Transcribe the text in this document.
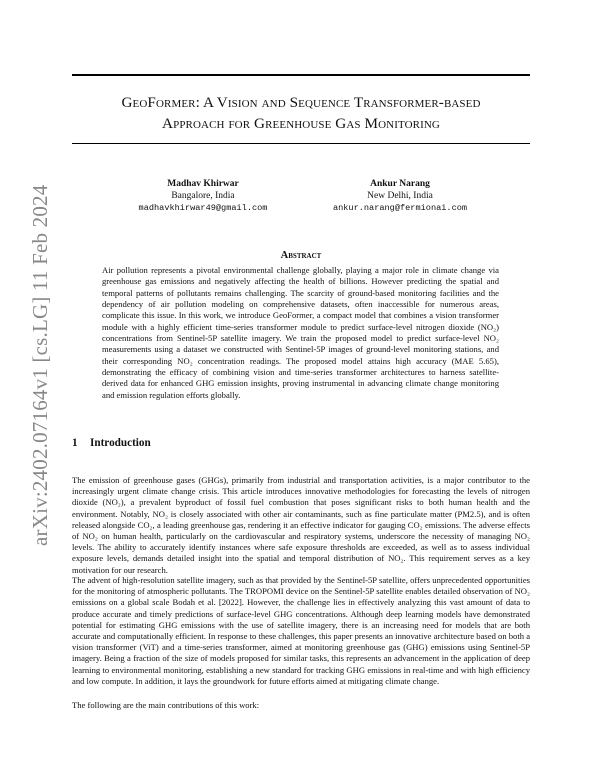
GeoFormer: A Vision and Sequence Transformer-based
Approach for Greenhouse Gas Monitoring
Madhav Khirwar
Bangalore, India
madhavkhirwar49@gmail.com
Ankur Narang
New Delhi, India
ankur.narang@fermionai.com
Abstract
Air pollution represents a pivotal environmental challenge globally, playing a major role in climate change via greenhouse gas emissions and negatively affecting the health of billions. However predicting the spatial and temporal patterns of pollutants remains challenging. The scarcity of ground-based monitoring facilities and the dependency of air pollution modeling on comprehensive datasets, often inaccessible for numerous areas, complicate this issue. In this work, we introduce GeoFormer, a compact model that combines a vision transformer module with a highly efficient time-series transformer module to predict surface-level nitrogen dioxide (NO₂) concentrations from Sentinel-5P satellite imagery. We train the proposed model to predict surface-level NO₂ measurements using a dataset we constructed with Sentinel-5P images of ground-level monitoring stations, and their corresponding NO₂ concentration readings. The proposed model attains high accuracy (MAE 5.65), demonstrating the efficacy of combining vision and time-series transformer architectures to harness satellite-derived data for enhanced GHG emission insights, proving instrumental in advancing climate change monitoring and emission regulation efforts globally.
1 Introduction
The emission of greenhouse gases (GHGs), primarily from industrial and transportation activities, is a major contributor to the increasingly urgent climate change crisis. This article introduces innovative methodologies for forecasting the levels of nitrogen dioxide (NO₂), a prevalent byproduct of fossil fuel combustion that poses significant risks to both human health and the environment. Notably, NO₂ is closely associated with other air contaminants, such as fine particulate matter (PM2.5), and is often released alongside CO₂, a leading greenhouse gas, rendering it an effective indicator for gauging CO₂ emissions. The adverse effects of NO₂ on human health, particularly on the cardiovascular and respiratory systems, underscore the necessity of managing NO₂ levels. The ability to accurately identify instances where safe exposure thresholds are exceeded, as well as to assess individual exposure levels, demands detailed insight into the spatial and temporal distribution of NO₂. This requirement serves as a key motivation for our research.
The advent of high-resolution satellite imagery, such as that provided by the Sentinel-5P satellite, offers unprecedented opportunities for the monitoring of atmospheric pollutants. The TROPOMI device on the Sentinel-5P satellite enables detailed observation of NO₂ emissions on a global scale Bodah et al. [2022]. However, the challenge lies in effectively analyzing this vast amount of data to produce accurate and timely predictions of surface-level GHG concentrations. Although deep learning models have demonstrated potential for estimating GHG emissions with the use of satellite imagery, there is an increasing need for models that are both accurate and computationally efficient. In response to these challenges, this paper presents an innovative architecture based on both a vision transformer (ViT) and a time-series transformer, aimed at monitoring greenhouse gas (GHG) emissions using Sentinel-5P imagery. Being a fraction of the size of models proposed for similar tasks, this represents an advancement in the application of deep learning to environmental monitoring, establishing a new standard for tracking GHG emissions in real-time and with high efficiency and low compute. In addition, it lays the groundwork for future efforts aimed at mitigating climate change.
The following are the main contributions of this work:
arXiv:2402.07164v1 [cs.LG] 11 Feb 2024
